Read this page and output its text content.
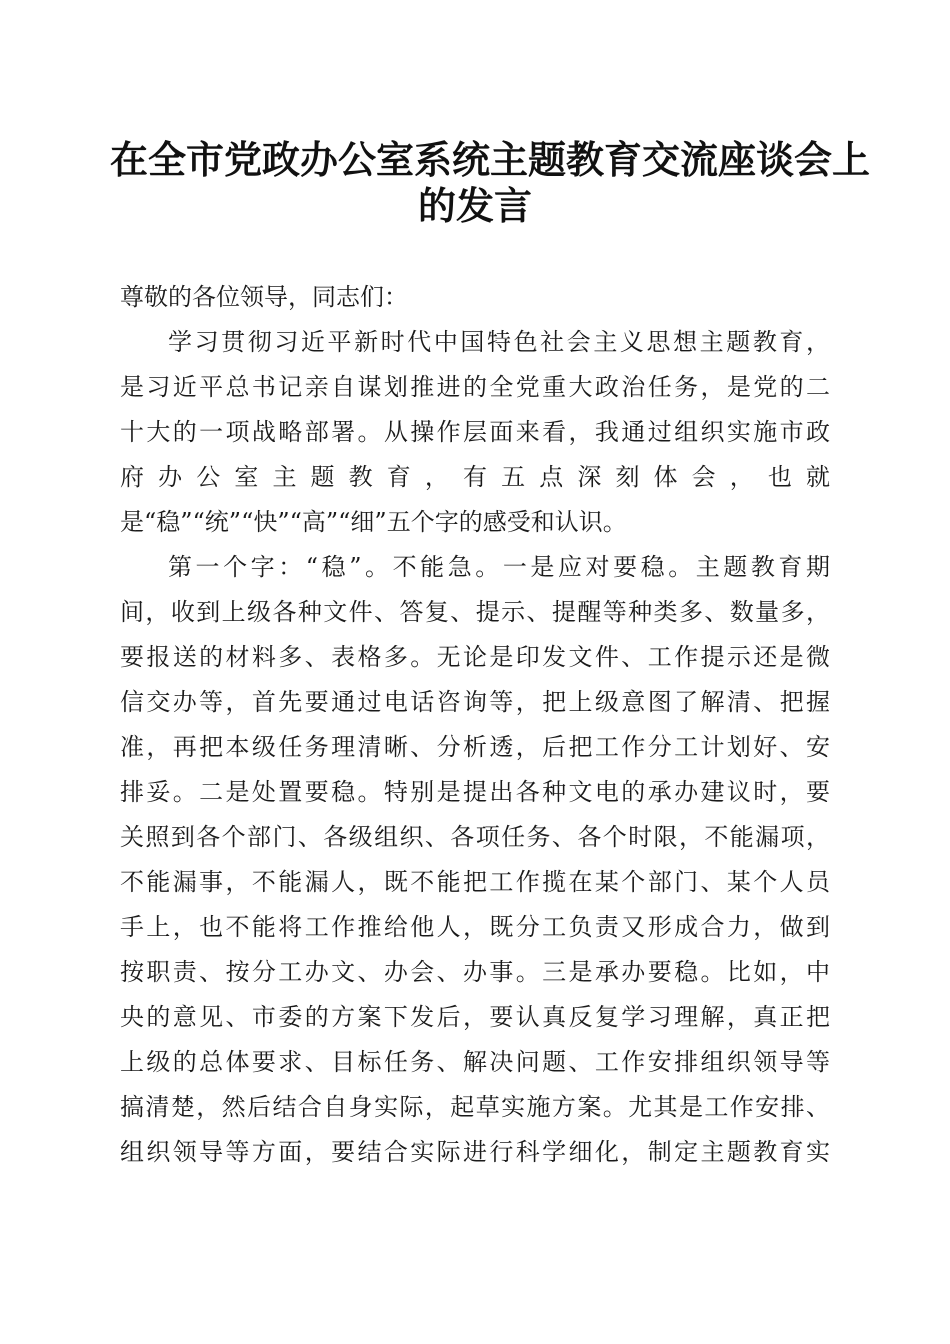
在全市党政办公室系统主题教育交流座谈会上
的发言
尊敬的各位领导，同志们：
学习贯彻习近平新时代中国特色社会主义思想主题教育，
是习近平总书记亲自谋划推进的全党重大政治任务，是党的二
十大的一项战略部署。从操作层面来看，我通过组织实施市政
府 办 公 室 主 题 教 育 ， 有 五 点 深 刻 体 会 ， 也 就
是“稳”“统”“快”“高”“细”五个字的感受和认识。
第一个字：“稳”。不能急。一是应对要稳。主题教育期
间，收到上级各种文件、答复、提示、提醒等种类多、数量多，
要报送的材料多、表格多。无论是印发文件、工作提示还是微
信交办等，首先要通过电话咨询等，把上级意图了解清、把握
准，再把本级任务理清晰、分析透，后把工作分工计划好、安
排妥。二是处置要稳。特别是提出各种文电的承办建议时，要
关照到各个部门、各级组织、各项任务、各个时限，不能漏项，
不能漏事，不能漏人，既不能把工作揽在某个部门、某个人员
手上，也不能将工作推给他人，既分工负责又形成合力，做到
按职责、按分工办文、办会、办事。三是承办要稳。比如，中
央的意见、市委的方案下发后，要认真反复学习理解，真正把
上级的总体要求、目标任务、解决问题、工作安排组织领导等
搞清楚，然后结合自身实际，起草实施方案。尤其是工作安排、
组织领导等方面，要结合实际进行科学细化，制定主题教育实
